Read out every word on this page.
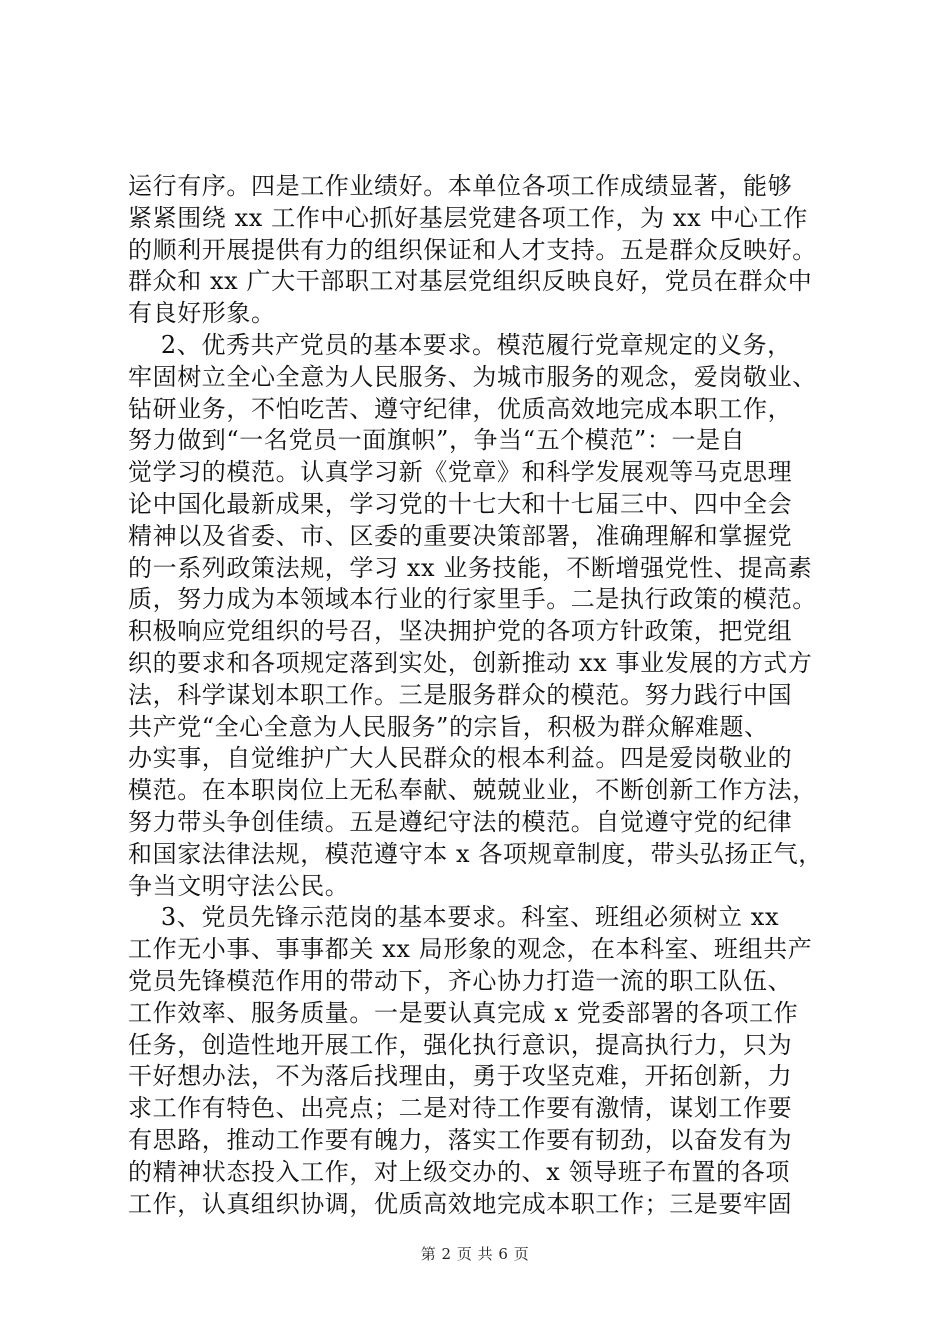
运行有序。四是工作业绩好。本单位各项工作成绩显著，能够
紧紧围绕 xx 工作中心抓好基层党建各项工作，为 xx 中心工作
的顺利开展提供有力的组织保证和人才支持。五是群众反映好。
群众和 xx 广大干部职工对基层党组织反映良好，党员在群众中
有良好形象。
2、优秀共产党员的基本要求。模范履行党章规定的义务，
牢固树立全心全意为人民服务、为城市服务的观念，爱岗敬业、
钻研业务，不怕吃苦、遵守纪律，优质高效地完成本职工作，
努力做到“一名党员一面旗帜”，争当“五个模范”：一是自
觉学习的模范。认真学习新《党章》和科学发展观等马克思理
论中国化最新成果，学习党的十七大和十七届三中、四中全会
精神以及省委、市、区委的重要决策部署，准确理解和掌握党
的一系列政策法规，学习 xx 业务技能，不断增强党性、提高素
质，努力成为本领域本行业的行家里手。二是执行政策的模范。
积极响应党组织的号召，坚决拥护党的各项方针政策，把党组
织的要求和各项规定落到实处，创新推动 xx 事业发展的方式方
法，科学谋划本职工作。三是服务群众的模范。努力践行中国
共产党“全心全意为人民服务”的宗旨，积极为群众解难题、
办实事，自觉维护广大人民群众的根本利益。四是爱岗敬业的
模范。在本职岗位上无私奉献、兢兢业业，不断创新工作方法，
努力带头争创佳绩。五是遵纪守法的模范。自觉遵守党的纪律
和国家法律法规，模范遵守本 x 各项规章制度，带头弘扬正气，
争当文明守法公民。
3、党员先锋示范岗的基本要求。科室、班组必须树立 xx
工作无小事、事事都关 xx 局形象的观念，在本科室、班组共产
党员先锋模范作用的带动下，齐心协力打造一流的职工队伍、
工作效率、服务质量。一是要认真完成 x 党委部署的各项工作
任务，创造性地开展工作，强化执行意识，提高执行力，只为
干好想办法，不为落后找理由，勇于攻坚克难，开拓创新，力
求工作有特色、出亮点；二是对待工作要有激情，谋划工作要
有思路，推动工作要有魄力，落实工作要有韧劲，以奋发有为
的精神状态投入工作，对上级交办的、x 领导班子布置的各项
工作，认真组织协调，优质高效地完成本职工作；三是要牢固
第 2 页 共 6 页
